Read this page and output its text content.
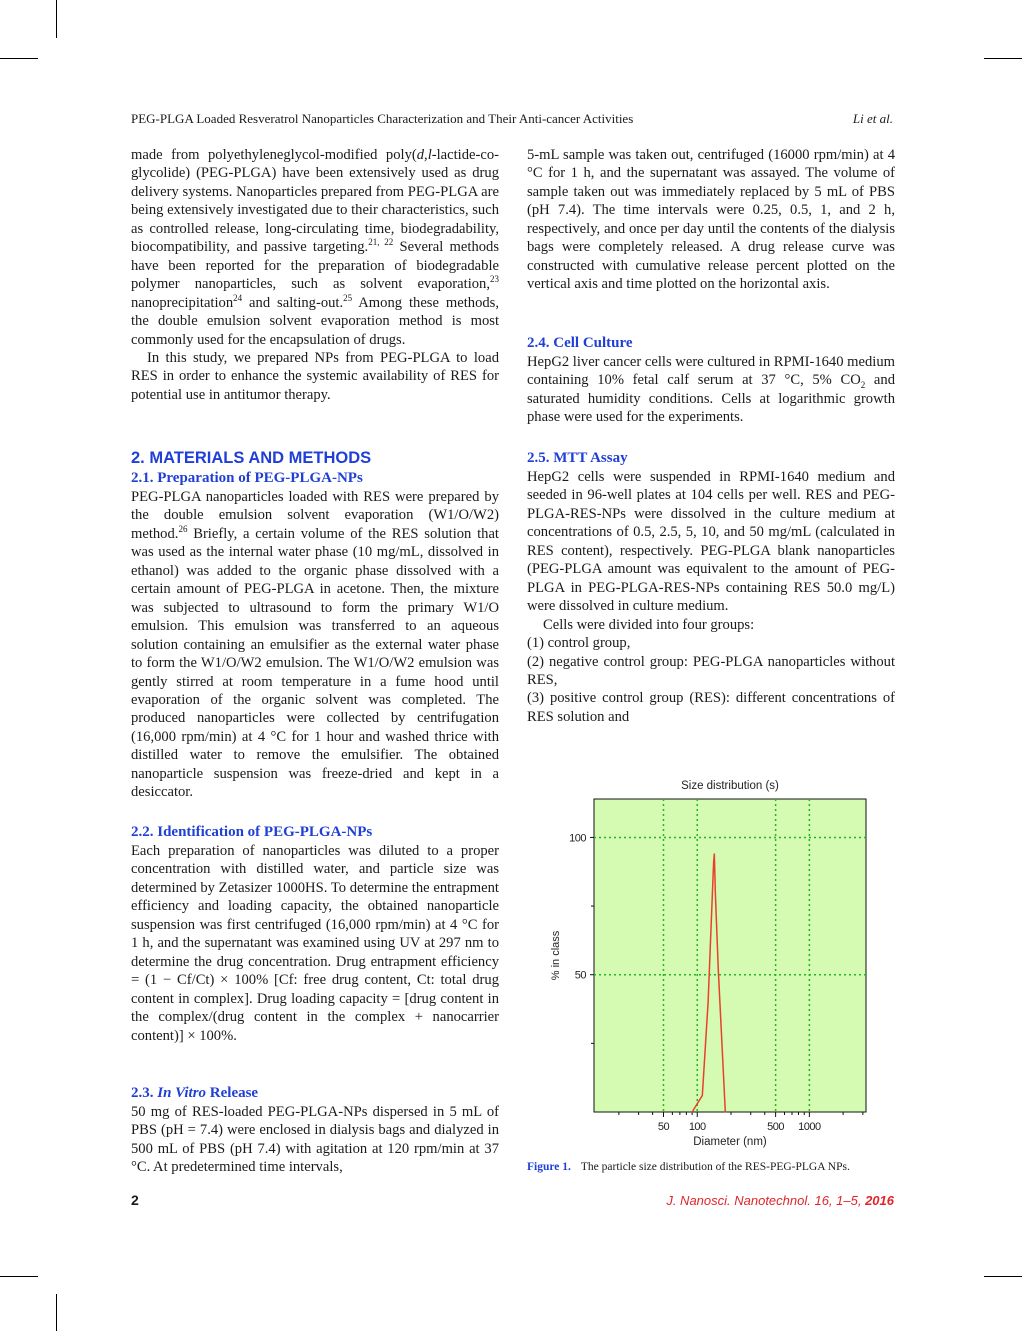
PEG-PLGA Loaded Resveratrol Nanoparticles Characterization and Their Anti-cancer Activities	Li et al.

made from polyethyleneglycol-modified poly(d,l-lactide-co-glycolide) (PEG-PLGA) have been extensively used as drug delivery systems. Nanoparticles prepared from PEG-PLGA are being extensively investigated due to their characteristics, such as controlled release, long-circulating time, biodegradability, biocompatibility, and passive targeting.$^{21, 22}$ Several methods have been reported for the preparation of biodegradable polymer nanoparticles, such as solvent evaporation,$^{23}$ nanoprecipitation$^{24}$ and salting-out.$^{25}$ Among these methods, the double emulsion solvent evaporation method is most commonly used for the encapsulation of drugs.

In this study, we prepared NPs from PEG-PLGA to load RES in order to enhance the systemic availability of RES for potential use in antitumor therapy.

2. MATERIALS AND METHODS
2.1. Preparation of PEG-PLGA-NPs

PEG-PLGA nanoparticles loaded with RES were prepared by the double emulsion solvent evaporation (W1/O/W2) method.$^{26}$ Briefly, a certain volume of the RES solution that was used as the internal water phase (10 mg/mL, dissolved in ethanol) was added to the organic phase dissolved with a certain amount of PEG-PLGA in acetone. Then, the mixture was subjected to ultrasound to form the primary W1/O emulsion. This emulsion was transferred to an aqueous solution containing an emulsifier as the external water phase to form the W1/O/W2 emulsion. The W1/O/W2 emulsion was gently stirred at room temperature in a fume hood until evaporation of the organic solvent was completed. The produced nanoparticles were collected by centrifugation (16,000 rpm/min) at 4 °C for 1 hour and washed thrice with distilled water to remove the emulsifier. The obtained nanoparticle suspension was freeze-dried and kept in a desiccator.

2.2. Identification of PEG-PLGA-NPs

Each preparation of nanoparticles was diluted to a proper concentration with distilled water, and particle size was determined by Zetasizer 1000HS. To determine the entrapment efficiency and loading capacity, the obtained nanoparticle suspension was first centrifuged (16,000 rpm/min) at 4 °C for 1 h, and the supernatant was examined using UV at 297 nm to determine the drug concentration. Drug entrapment efficiency = (1 − Cf/Ct) × 100% [Cf: free drug content, Ct: total drug content in complex]. Drug loading capacity = [drug content in the complex/(drug content in the complex + nanocarrier content)] × 100%.

2.3. In Vitro Release

50 mg of RES-loaded PEG-PLGA-NPs dispersed in 5 mL of PBS (pH = 7.4) were enclosed in dialysis bags and dialyzed in 500 mL of PBS (pH 7.4) with agitation at 120 rpm/min at 37 °C. At predetermined time intervals,

5-mL sample was taken out, centrifuged (16000 rpm/min) at 4 °C for 1 h, and the supernatant was assayed. The volume of sample taken out was immediately replaced by 5 mL of PBS (pH 7.4). The time intervals were 0.25, 0.5, 1, and 2 h, respectively, and once per day until the contents of the dialysis bags were completely released. A drug release curve was constructed with cumulative release percent plotted on the vertical axis and time plotted on the horizontal axis.

2.4. Cell Culture

HepG2 liver cancer cells were cultured in RPMI-1640 medium containing 10% fetal calf serum at 37 °C, 5% $CO_2$ and saturated humidity conditions. Cells at logarithmic growth phase were used for the experiments.

2.5. MTT Assay

HepG2 cells were suspended in RPMI-1640 medium and seeded in 96-well plates at 104 cells per well. RES and PEG-PLGA-RES-NPs were dissolved in the culture medium at concentrations of 0.5, 2.5, 5, 10, and 50 mg/mL (calculated in RES content), respectively. PEG-PLGA blank nanoparticles (PEG-PLGA amount was equivalent to the amount of PEG-PLGA in PEG-PLGA-RES-NPs containing RES 50.0 mg/L) were dissolved in culture medium.

Cells were divided into four groups:

(1) control group,

(2) negative control group: PEG-PLGA nanoparticles without RES,

(3) positive control group (RES): different concentrations of RES solution and

Size distribution (s)
50 100	500 1000
50
100
Diameter (nm)
% in class
Figure 1. The particle size distribution of the RES-PEG-PLGA NPs.
2	J. Nanosci. Nanotechnol. 16, 1–5, 2016
